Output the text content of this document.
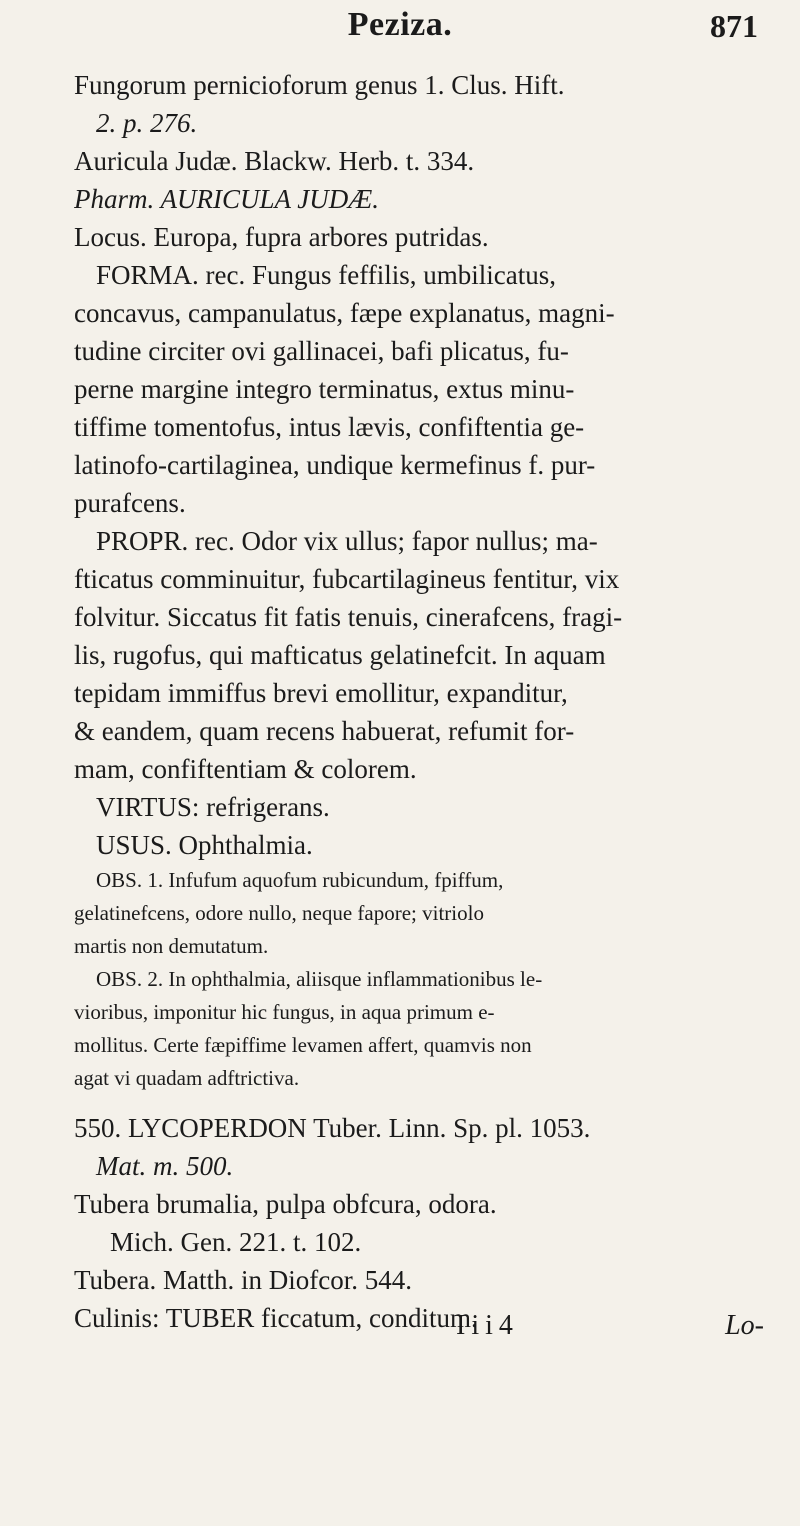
Peziza.	871
Fungorum pernicioforum genus 1. Clus. Hift.
2. p. 276.
Auricula Judæ. Blackw. Herb. t. 334.
Pharm. AURICULA JUDÆ.
Locus. Europa, fupra arbores putridas.
FORMA. rec. Fungus feffilis, umbilicatus,
concavus, campanulatus, fæpe explanatus, magni-
tudine circiter ovi gallinacei, bafi plicatus, fu-
perne margine integro terminatus, extus minu-
tiffime tomentofus, intus lævis, confiftentia ge-
latinofo-cartilaginea, undique kermefinus f. pur-
purafcens.
PROPR. rec. Odor vix ullus; fapor nullus; ma-
fticatus comminuitur, fubcartilagineus fentitur, vix
folvitur. Siccatus fit fatis tenuis, cinerafcens, fragi-
lis, rugofus, qui mafticatus gelatinefcit. In aquam
tepidam immiffus brevi emollitur, expanditur,
& eandem, quam recens habuerat, refumit for-
mam, confiftentiam & colorem.
VIRTUS: refrigerans.
USUS. Ophthalmia.
OBS. 1. Infufum aquofum rubicundum, fpiffum,
gelatinefcens, odore nullo, neque fapore; vitriolo
martis non demutatum.
OBS. 2. In ophthalmia, aliisque inflammationibus le-
vioribus, imponitur hic fungus, in aqua primum e-
mollitus. Certe fæpiffime levamen affert, quamvis non
agat vi quadam adftrictiva.
550. LYCOPERDON Tuber. Linn. Sp. pl. 1053.
Mat. m. 500.
Tubera brumalia, pulpa obfcura, odora.
Mich. Gen. 221. t. 102.
Tubera. Matth. in Diofcor. 544.
Culinis: TUBER ficcatum, conditum.
Iii4	Lo-
